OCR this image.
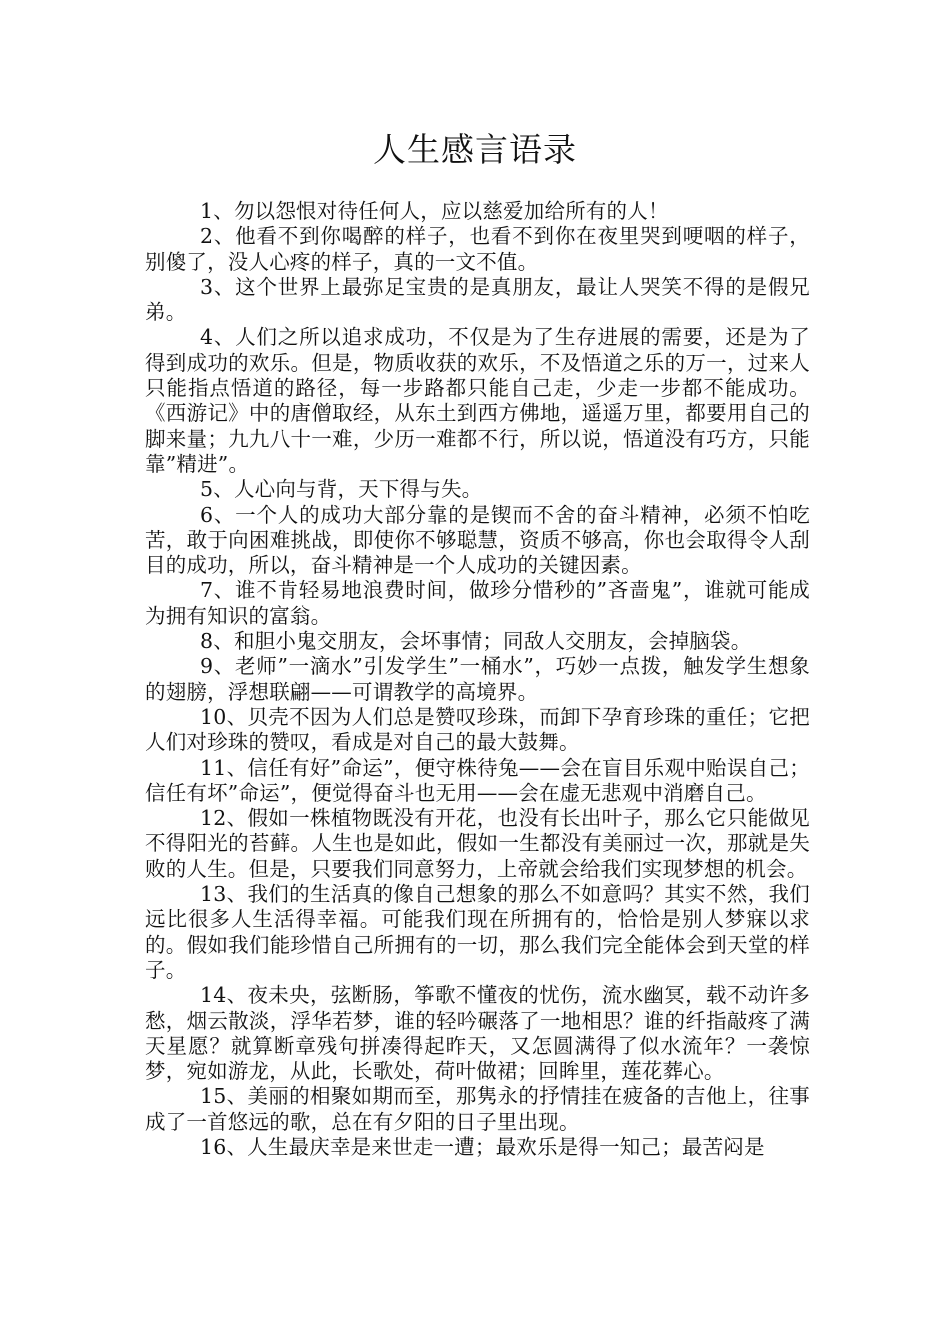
人生感言语录

1、勿以怨恨对待任何人，应以慈爱加给所有的人！

2、他看不到你喝醉的样子，也看不到你在夜里哭到哽咽的样子，别傻了，没人心疼的样子，真的一文不值。

3、这个世界上最弥足宝贵的是真朋友，最让人哭笑不得的是假兄弟。

4、人们之所以追求成功，不仅是为了生存进展的需要，还是为了得到成功的欢乐。但是，物质收获的欢乐，不及悟道之乐的万一，过来人只能指点悟道的路径，每一步路都只能自己走，少走一步都不能成功。《西游记》中的唐僧取经，从东土到西方佛地，遥遥万里，都要用自己的脚来量；九九八十一难，少历一难都不行，所以说，悟道没有巧方，只能靠”精进”。

5、人心向与背，天下得与失。

6、一个人的成功大部分靠的是锲而不舍的奋斗精神，必须不怕吃苦，敢于向困难挑战，即使你不够聪慧，资质不够高，你也会取得令人刮目的成功，所以，奋斗精神是一个人成功的关键因素。

7、谁不肯轻易地浪费时间，做珍分惜秒的”吝啬鬼”，谁就可能成为拥有知识的富翁。

8、和胆小鬼交朋友，会坏事情；同敌人交朋友，会掉脑袋。

9、老师”一滴水”引发学生”一桶水”，巧妙一点拨，触发学生想象的翅膀，浮想联翩——可谓教学的高境界。

10、贝壳不因为人们总是赞叹珍珠，而卸下孕育珍珠的重任；它把人们对珍珠的赞叹，看成是对自己的最大鼓舞。

11、信任有好”命运”，便守株待兔——会在盲目乐观中贻误自己；信任有坏”命运”，便觉得奋斗也无用——会在虚无悲观中消磨自己。

12、假如一株植物既没有开花，也没有长出叶子，那么它只能做见不得阳光的苔藓。人生也是如此，假如一生都没有美丽过一次，那就是失败的人生。但是，只要我们同意努力，上帝就会给我们实现梦想的机会。

13、我们的生活真的像自己想象的那么不如意吗？其实不然，我们远比很多人生活得幸福。可能我们现在所拥有的，恰恰是别人梦寐以求的。假如我们能珍惜自己所拥有的一切，那么我们完全能体会到天堂的样子。

14、夜未央，弦断肠，筝歌不懂夜的忧伤，流水幽冥，载不动许多愁，烟云散淡，浮华若梦，谁的轻吟碾落了一地相思？谁的纤指敲疼了满天星愿？就算断章残句拼凑得起昨天，又怎圆满得了似水流年？一袭惊梦，宛如游龙，从此，长歌处，荷叶做裙；回眸里，莲花葬心。

15、美丽的相聚如期而至，那隽永的抒情挂在疲备的吉他上，往事成了一首悠远的歌，总在有夕阳的日子里出现。

16、人生最庆幸是来世走一遭；最欢乐是得一知己；最苦闷是
